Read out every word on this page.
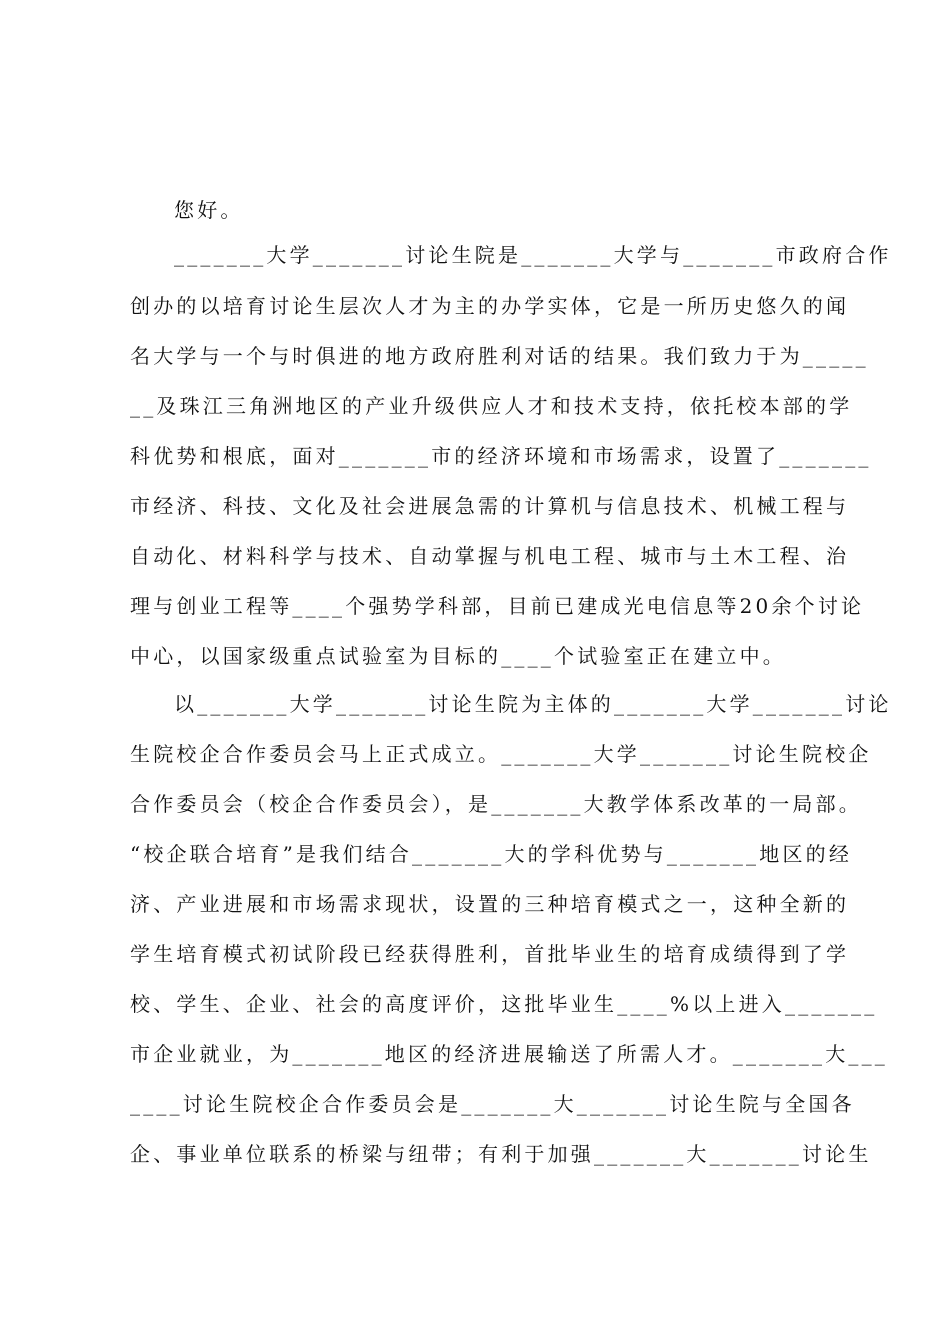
您好。
_______大学_______讨论生院是_______大学与_______市政府合作
创办的以培育讨论生层次人才为主的办学实体，它是一所历史悠久的闻
名大学与一个与时俱进的地方政府胜利对话的结果。我们致力于为_____
__及珠江三角洲地区的产业升级供应人才和技术支持，依托校本部的学
科优势和根底，面对_______市的经济环境和市场需求，设置了_______
市经济、科技、文化及社会进展急需的计算机与信息技术、机械工程与
自动化、材料科学与技术、自动掌握与机电工程、城市与土木工程、治
理与创业工程等____个强势学科部，目前已建成光电信息等20余个讨论
中心，以国家级重点试验室为目标的____个试验室正在建立中。
以_______大学_______讨论生院为主体的_______大学_______讨论
生院校企合作委员会马上正式成立。_______大学_______讨论生院校企
合作委员会（校企合作委员会），是_______大教学体系改革的一局部。
“校企联合培育”是我们结合_______大的学科优势与_______地区的经
济、产业进展和市场需求现状，设置的三种培育模式之一，这种全新的
学生培育模式初试阶段已经获得胜利，首批毕业生的培育成绩得到了学
校、学生、企业、社会的高度评价，这批毕业生____%以上进入_______
市企业就业，为_______地区的经济进展输送了所需人才。_______大___
____讨论生院校企合作委员会是_______大_______讨论生院与全国各
企、事业单位联系的桥梁与纽带；有利于加强_______大_______讨论生
